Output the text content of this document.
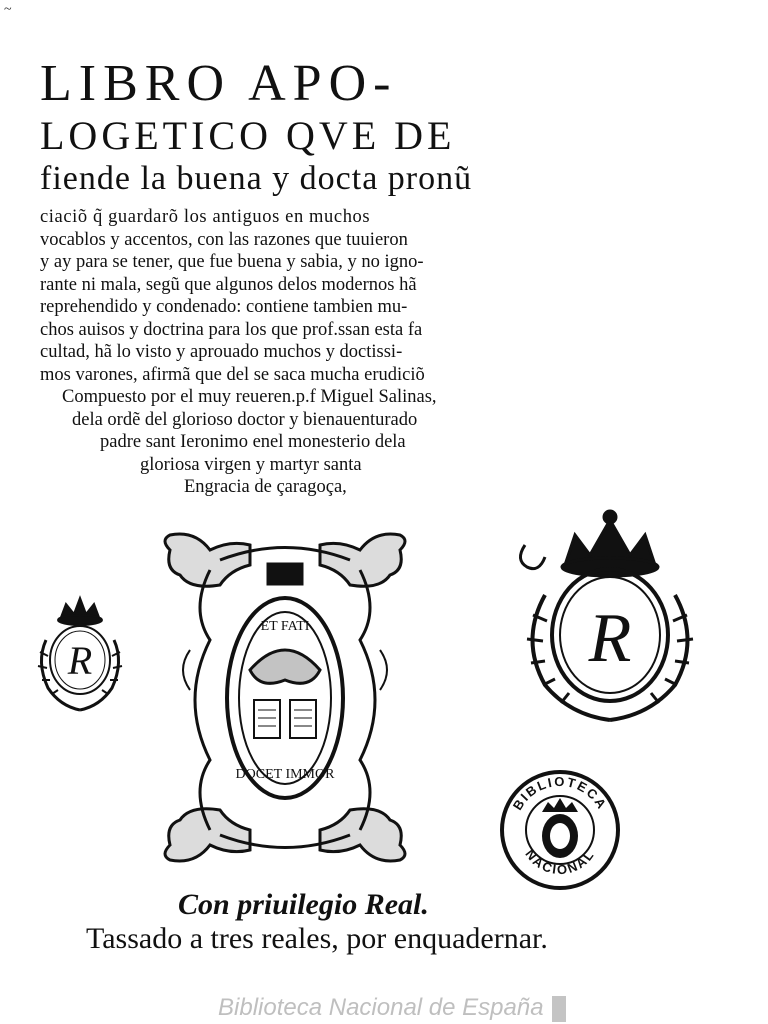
~
LIBRO APO-
LOGETICO QVE DE
fiende la buena y docta pronũ
ciaciõ q̃ guardarõ los antiguos en muchos
vocablos y accentos, con las razones que tuuieron
y ay para se tener, que fue buena y sabia, y no igno-
rante ni mala, segũ que algunos delos modernos hã
reprehendido y condenado: contiene tambien mu-
chos auisos y doctrina para los que prof.ssan esta fa
cultad, hã lo visto y aprouado muchos y doctissi-
mos varones, afirmã que del se saca mucha erudiciõ
Compuesto por el muy reueren.p.f Miguel Salinas,
dela ordẽ del glorioso doctor y bienauenturado
padre sant Ieronimo enel monesterio dela
gloriosa virgen y martyr santa
Engracia de çaragoça,
R
ET FATI
DOCET IMMOR
R
BIBLIOTECA
NACIONAL
Con priuilegio Real.
Tassado a tres reales, por enquadernar.
Biblioteca Nacional de España
